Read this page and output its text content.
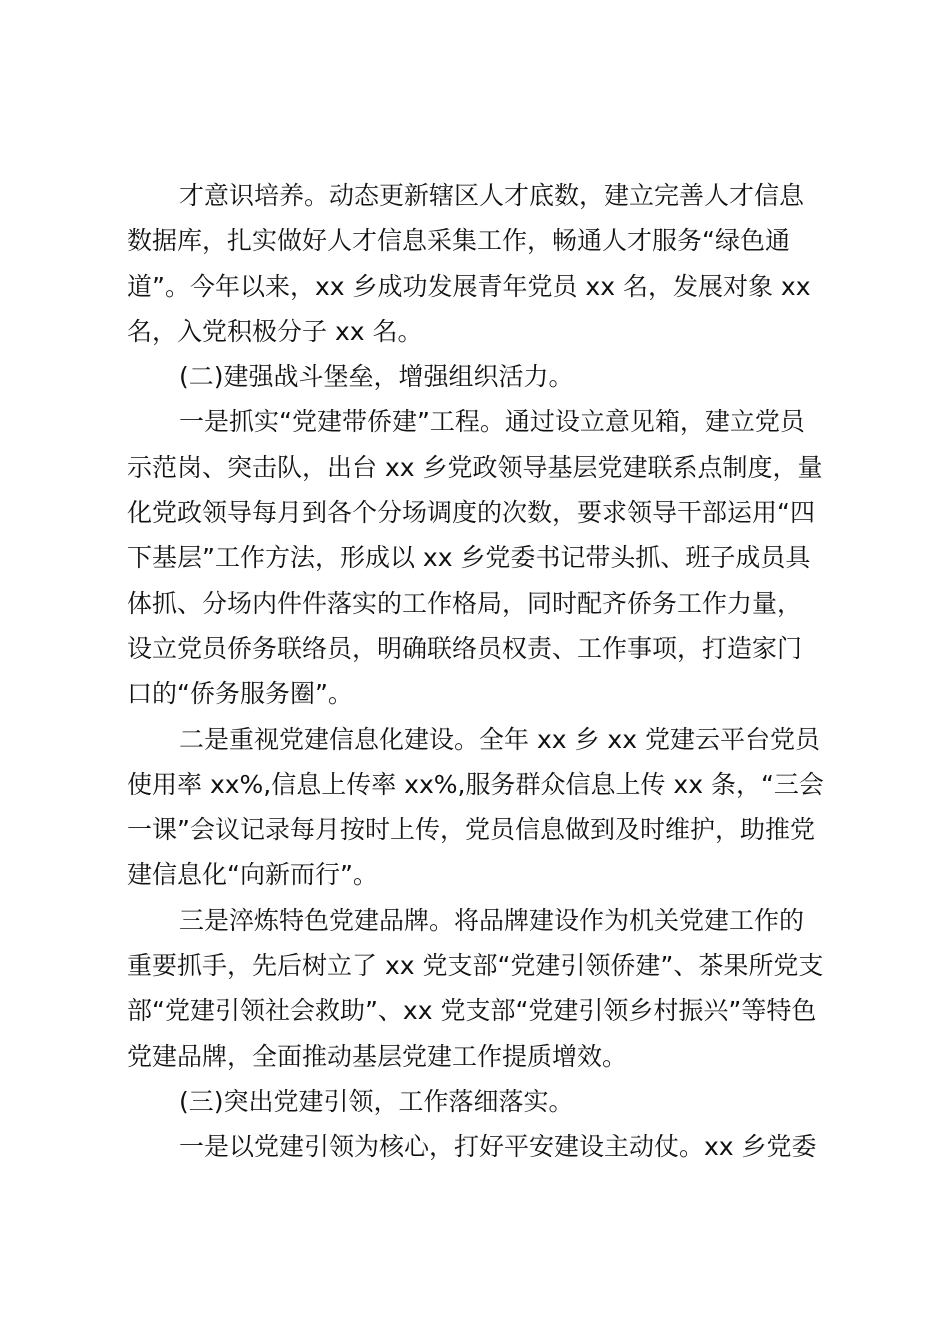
才意识培养。动态更新辖区人才底数，建立完善人才信息
数据库，扎实做好人才信息采集工作，畅通人才服务“绿色通
道”。今年以来，xx 乡成功发展青年党员 xx 名，发展对象 xx
名，入党积极分子 xx 名。

(二)建强战斗堡垒，增强组织活力。

一是抓实“党建带侨建”工程。通过设立意见箱，建立党员
示范岗、突击队，出台 xx 乡党政领导基层党建联系点制度，量
化党政领导每月到各个分场调度的次数，要求领导干部运用“四
下基层”工作方法，形成以 xx 乡党委书记带头抓、班子成员具
体抓、分场内件件落实的工作格局，同时配齐侨务工作力量，
设立党员侨务联络员，明确联络员权责、工作事项，打造家门
口的“侨务服务圈”。

二是重视党建信息化建设。全年 xx 乡 xx 党建云平台党员
使用率 xx%,信息上传率 xx%,服务群众信息上传 xx 条，“三会
一课”会议记录每月按时上传，党员信息做到及时维护，助推党
建信息化“向新而行”。

三是淬炼特色党建品牌。将品牌建设作为机关党建工作的
重要抓手，先后树立了 xx 党支部“党建引领侨建”、茶果所党支
部“党建引领社会救助”、xx 党支部“党建引领乡村振兴”等特色
党建品牌，全面推动基层党建工作提质增效。

(三)突出党建引领，工作落细落实。

一是以党建引领为核心，打好平安建设主动仗。xx 乡党委
